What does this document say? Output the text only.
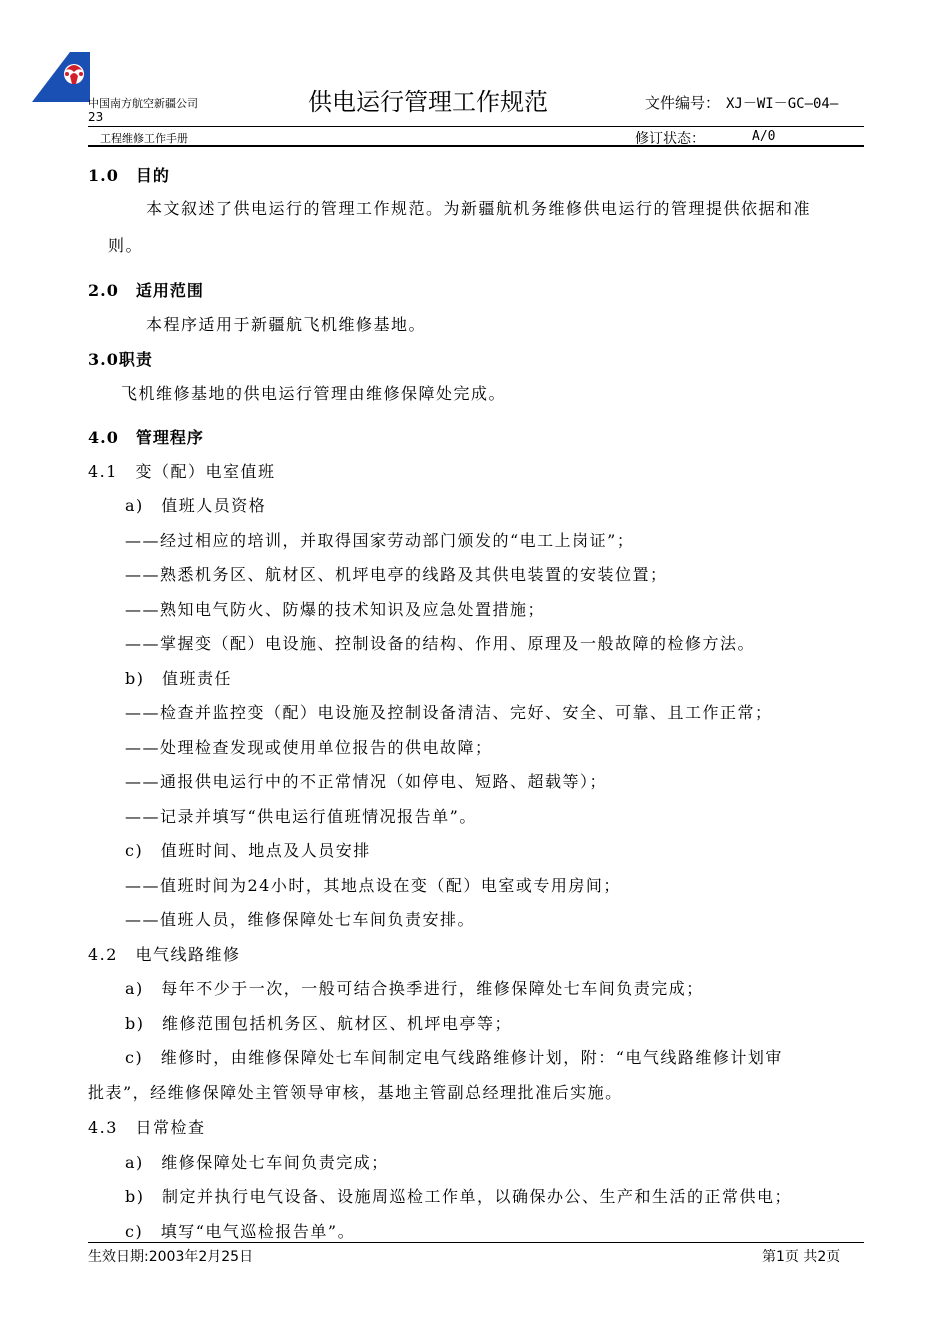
中国南方航空新疆公司	供电运行管理工作规范	文件编号： XJ－WI－GC—04—
23
工程维修工作手册	修订状态：	A/0
1.0　目的
本文叙述了供电运行的管理工作规范。为新疆航机务维修供电运行的管理提供依据和准
则。
2.0　适用范围
本程序适用于新疆航飞机维修基地。
3.0职责
飞机维修基地的供电运行管理由维修保障处完成。
4.0　管理程序
4.1　变（配）电室值班
a)　值班人员资格
——经过相应的培训，并取得国家劳动部门颁发的“电工上岗证”；
——熟悉机务区、航材区、机坪电亭的线路及其供电装置的安装位置；
——熟知电气防火、防爆的技术知识及应急处置措施；
——掌握变（配）电设施、控制设备的结构、作用、原理及一般故障的检修方法。
b)　值班责任
——检查并监控变（配）电设施及控制设备清洁、完好、安全、可靠、且工作正常；
——处理检查发现或使用单位报告的供电故障；
——通报供电运行中的不正常情况（如停电、短路、超载等）；
——记录并填写“供电运行值班情况报告单”。
c)　值班时间、地点及人员安排
——值班时间为24小时，其地点设在变（配）电室或专用房间；
——值班人员，维修保障处七车间负责安排。
4.2　电气线路维修
a)　每年不少于一次，一般可结合换季进行，维修保障处七车间负责完成；
b)　维修范围包括机务区、航材区、机坪电亭等；
c)　维修时，由维修保障处七车间制定电气线路维修计划，附：“电气线路维修计划审
批表”，经维修保障处主管领导审核，基地主管副总经理批准后实施。
4.3　日常检查
a)　维修保障处七车间负责完成；
b)　制定并执行电气设备、设施周巡检工作单，以确保办公、生产和生活的正常供电；
c)　填写“电气巡检报告单”。
生效日期:2003年2月25日	第1页 共2页
